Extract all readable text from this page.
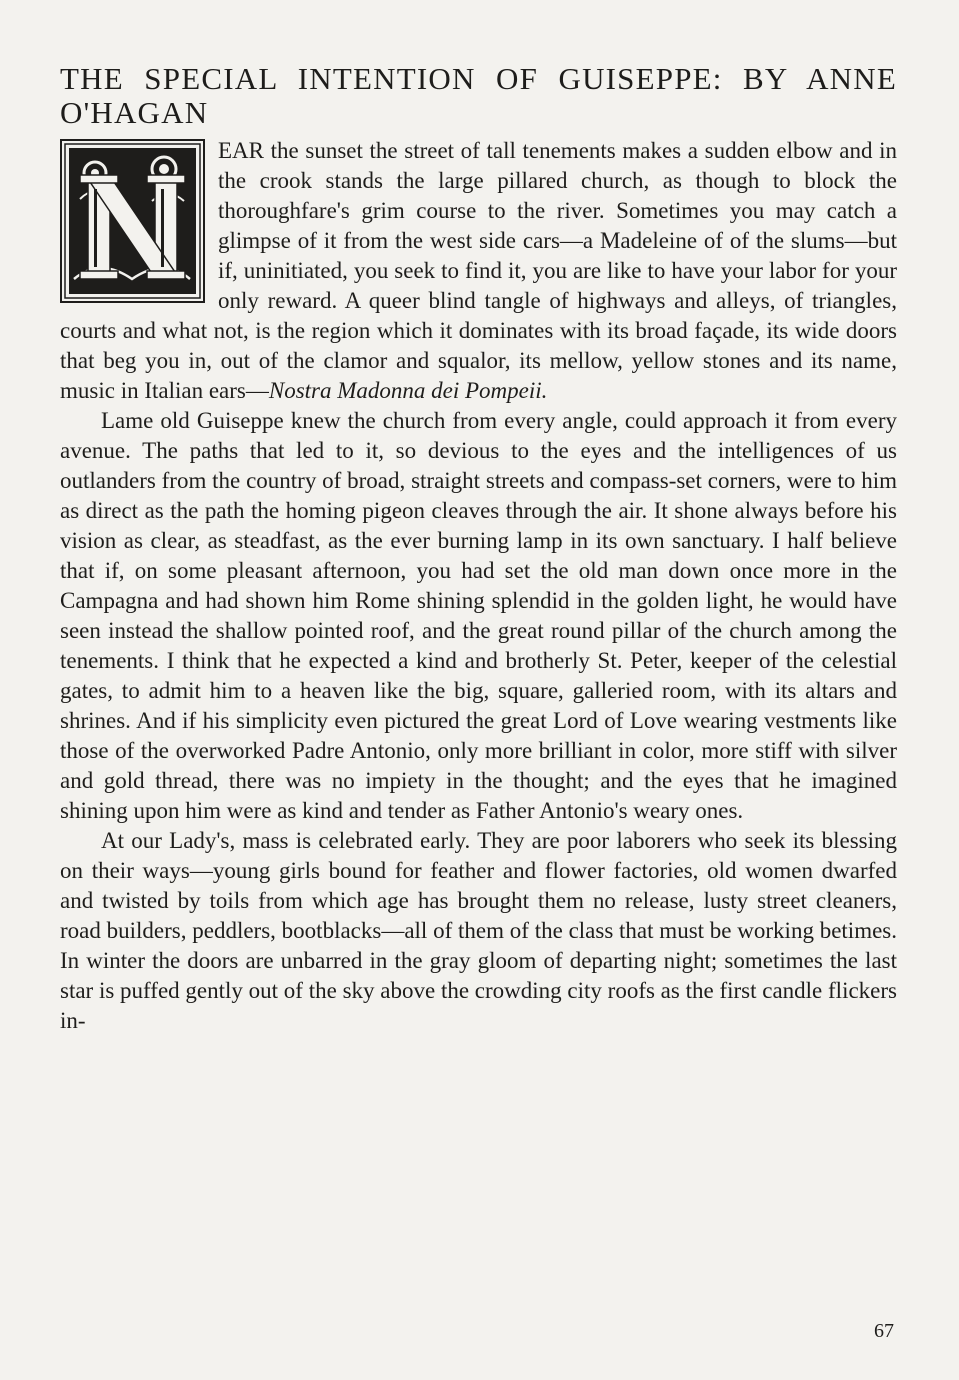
THE SPECIAL INTENTION OF GUISEPPE: BY ANNE O'HAGAN

EAR the sunset the street of tall tenements makes a sudden elbow and in the crook stands the large pillared church, as though to block the thoroughfare's grim course to the river. Sometimes you may catch a glimpse of it from the west side cars—a Madeleine of of the slums—but if, uninitiated, you seek to find it, you are like to have your labor for your only reward. A queer blind tangle of highways and alleys, of triangles, courts and what not, is the region which it dominates with its broad façade, its wide doors that beg you in, out of the clamor and squalor, its mellow, yellow stones and its name, music in Italian ears—Nostra Madonna dei Pompeii.

Lame old Guiseppe knew the church from every angle, could approach it from every avenue. The paths that led to it, so devious to the eyes and the intelligences of us outlanders from the country of broad, straight streets and compass-set corners, were to him as direct as the path the homing pigeon cleaves through the air. It shone always before his vision as clear, as steadfast, as the ever burning lamp in its own sanctuary. I half believe that if, on some pleasant afternoon, you had set the old man down once more in the Campagna and had shown him Rome shining splendid in the golden light, he would have seen instead the shallow pointed roof, and the great round pillar of the church among the tenements. I think that he expected a kind and brotherly St. Peter, keeper of the celestial gates, to admit him to a heaven like the big, square, galleried room, with its altars and shrines. And if his simplicity even pictured the great Lord of Love wearing vestments like those of the overworked Padre Antonio, only more brilliant in color, more stiff with silver and gold thread, there was no impiety in the thought; and the eyes that he imagined shining upon him were as kind and tender as Father Antonio's weary ones.

At our Lady's, mass is celebrated early. They are poor laborers who seek its blessing on their ways—young girls bound for feather and flower factories, old women dwarfed and twisted by toils from which age has brought them no release, lusty street cleaners, road builders, peddlers, bootblacks—all of them of the class that must be working betimes. In winter the doors are unbarred in the gray gloom of departing night; sometimes the last star is puffed gently out of the sky above the crowding city roofs as the first candle flickers in-

67
